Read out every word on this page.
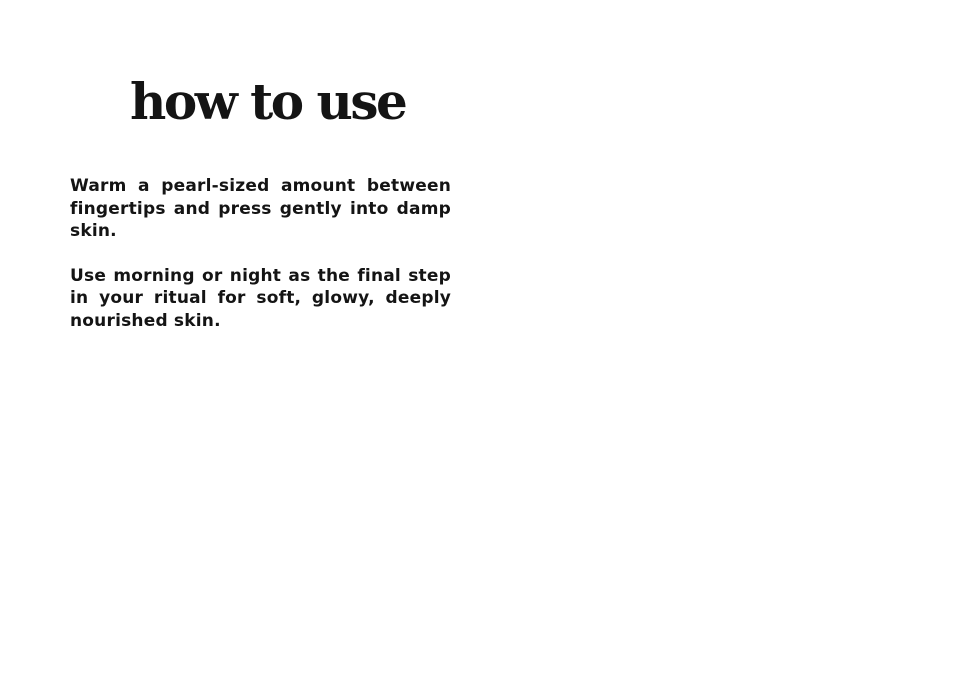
how to use

Warm a pearl-sized amount between fingertips and press gently into damp skin.

Use morning or night as the final step in your ritual for soft, glowy, deeply nourished skin.
